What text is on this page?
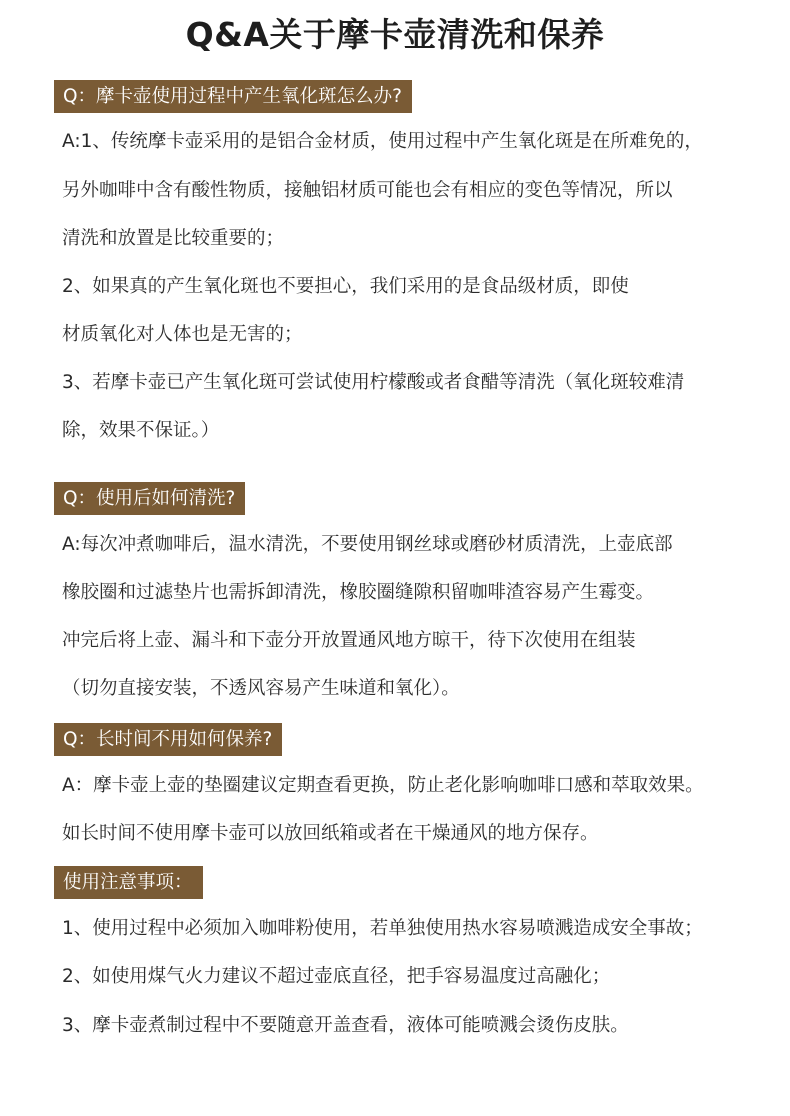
Q&A关于摩卡壶清洗和保养
Q：摩卡壶使用过程中产生氧化斑怎么办?
A:1、传统摩卡壶采用的是铝合金材质，使用过程中产生氧化斑是在所难免的，
另外咖啡中含有酸性物质，接触铝材质可能也会有相应的变色等情况，所以
清洗和放置是比较重要的；
2、如果真的产生氧化斑也不要担心，我们采用的是食品级材质，即使
材质氧化对人体也是无害的；
3、若摩卡壶已产生氧化斑可尝试使用柠檬酸或者食醋等清洗（氧化斑较难清
除，效果不保证。）
Q：使用后如何清洗?
A:每次冲煮咖啡后，温水清洗，不要使用钢丝球或磨砂材质清洗，上壶底部
橡胶圈和过滤垫片也需拆卸清洗，橡胶圈缝隙积留咖啡渣容易产生霉变。
冲完后将上壶、漏斗和下壶分开放置通风地方晾干，待下次使用在组装
（切勿直接安装，不透风容易产生味道和氧化）。
Q：长时间不用如何保养?
A：摩卡壶上壶的垫圈建议定期查看更换，防止老化影响咖啡口感和萃取效果。
如长时间不使用摩卡壶可以放回纸箱或者在干燥通风的地方保存。
使用注意事项：
1、使用过程中必须加入咖啡粉使用，若单独使用热水容易喷溅造成安全事故；
2、如使用煤气火力建议不超过壶底直径，把手容易温度过高融化；
3、摩卡壶煮制过程中不要随意开盖查看，液体可能喷溅会烫伤皮肤。
